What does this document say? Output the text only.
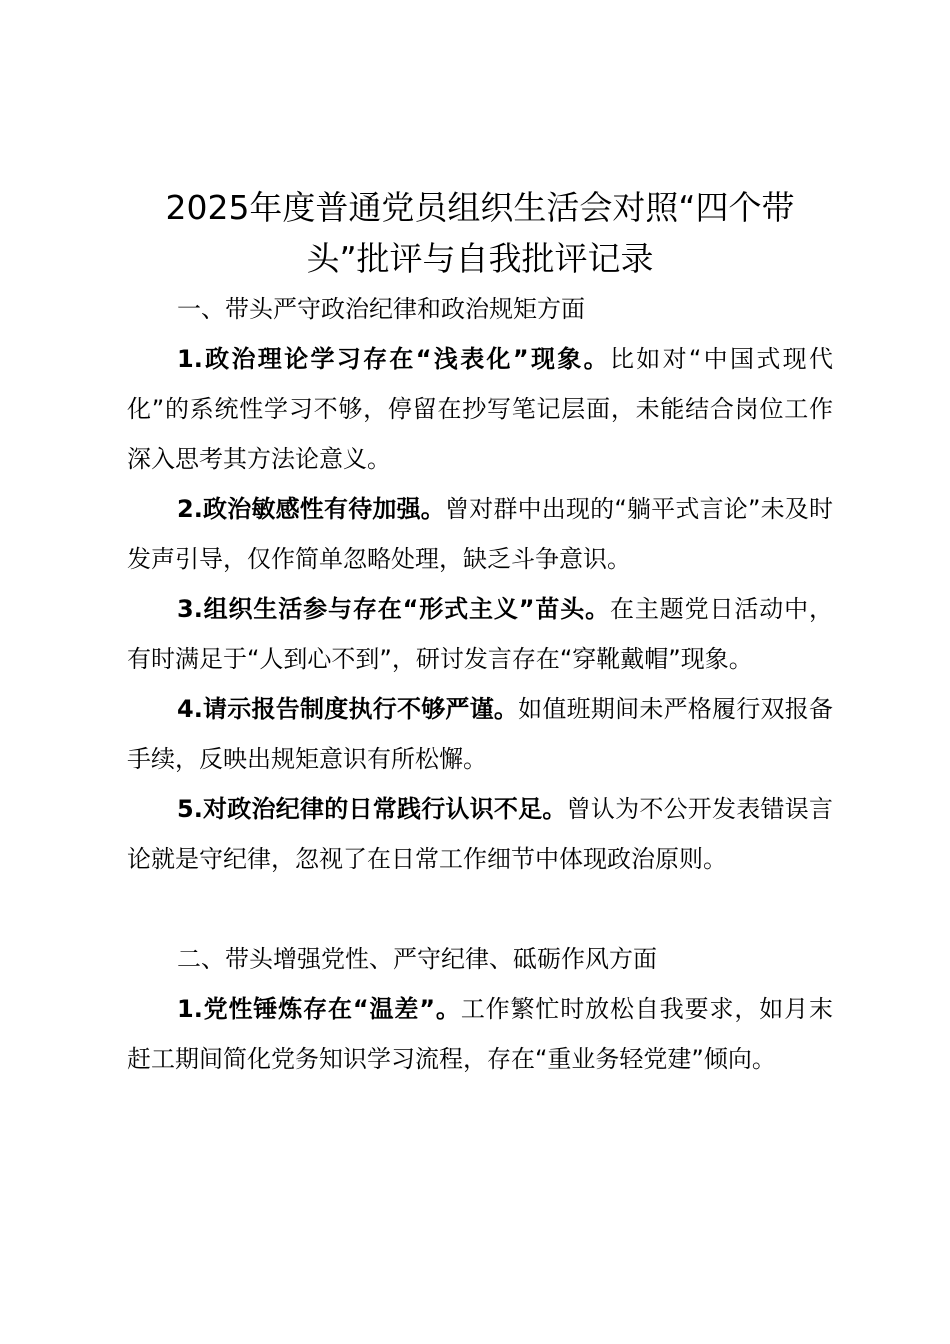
2025年度普通党员组织生活会对照“四个带头”批评与自我批评记录

一、带头严守政治纪律和政治规矩方面

1.政治理论学习存在“浅表化”现象。比如对“中国式现代化”的系统性学习不够，停留在抄写笔记层面，未能结合岗位工作深入思考其方法论意义。

2.政治敏感性有待加强。曾对群中出现的“躺平式言论”未及时发声引导，仅作简单忽略处理，缺乏斗争意识。

3.组织生活参与存在“形式主义”苗头。在主题党日活动中，有时满足于“人到心不到”，研讨发言存在“穿靴戴帽”现象。

4.请示报告制度执行不够严谨。如值班期间未严格履行双报备手续，反映出规矩意识有所松懈。

5.对政治纪律的日常践行认识不足。曾认为不公开发表错误言论就是守纪律，忽视了在日常工作细节中体现政治原则。

二、带头增强党性、严守纪律、砥砺作风方面

1.党性锤炼存在“温差”。工作繁忙时放松自我要求，如月末赶工期间简化党务知识学习流程，存在“重业务轻党建”倾向。
